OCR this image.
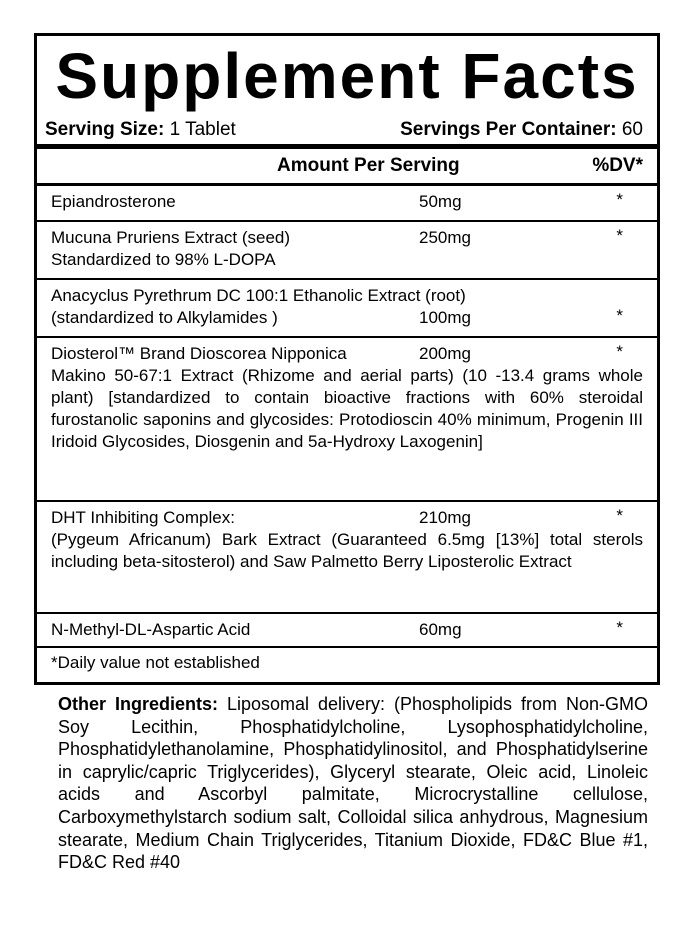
Supplement Facts
Serving Size: 1 Tablet	Servings Per Container: 60
Amount Per Serving	%DV*
Epiandrosterone	50mg	*
Mucuna Pruriens Extract (seed)	250mg	*
Standardized to 98% L-DOPA
Anacyclus Pyrethrum DC 100:1 Ethanolic Extract (root)
(standardized to Alkylamides )	100mg	*
Diosterol™ Brand Dioscorea Nipponica	200mg	*
Makino 50-67:1 Extract (Rhizome and aerial parts) (10 -13.4 grams whole plant) [standardized to contain bioactive fractions with 60% steroidal furostanolic saponins and glycosides: Protodioscin 40% minimum, Progenin III Iridoid Glycosides, Diosgenin and 5a-Hydroxy Laxogenin]
DHT Inhibiting Complex:	210mg	*
(Pygeum Africanum) Bark Extract (Guaranteed 6.5mg [13%] total sterols including beta-sitosterol) and Saw Palmetto Berry Liposterolic Extract
N-Methyl-DL-Aspartic Acid	60mg	*
*Daily value not established
Other Ingredients: Liposomal delivery: (Phospholipids from Non-GMO Soy Lecithin, Phosphatidylcholine, Lysophosphatidylcholine, Phosphatidylethanolamine, Phosphatidylinositol, and Phosphatidylserine in caprylic/capric Triglycerides), Glyceryl stearate, Oleic acid, Linoleic acids and Ascorbyl palmitate, Microcrystalline cellulose, Carboxymethylstarch sodium salt, Colloidal silica anhydrous, Magnesium stearate, Medium Chain Triglycerides, Titanium Dioxide, FD&C Blue #1, FD&C Red #40
